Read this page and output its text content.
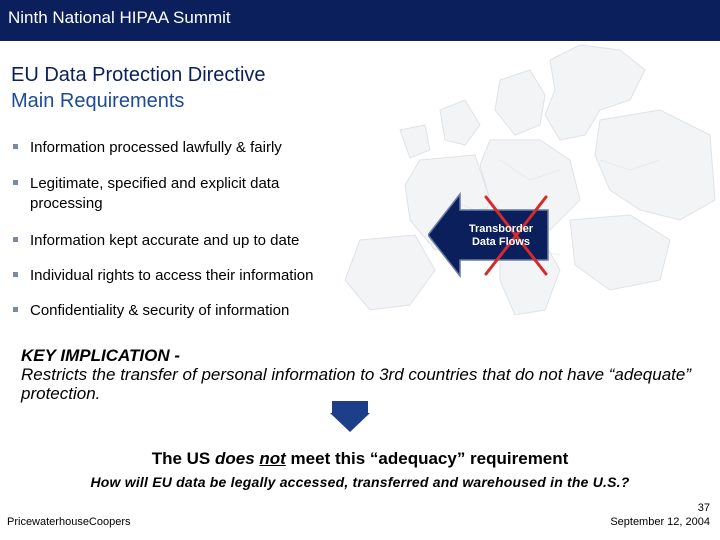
Ninth National HIPAA Summit
EU Data Protection Directive
Main Requirements
Information processed lawfully & fairly
Legitimate, specified and explicit data processing
Information kept accurate and up to date
Individual rights to access their information
Confidentiality & security of information
Transborder Data Flows
KEY IMPLICATION -
Restricts the transfer of personal information to 3rd countries that do not have “adequate” protection.
The US does not meet this “adequacy” requirement
How will EU data be legally accessed, transferred and warehoused in the U.S.?
PricewaterhouseCoopers
37
September 12, 2004
